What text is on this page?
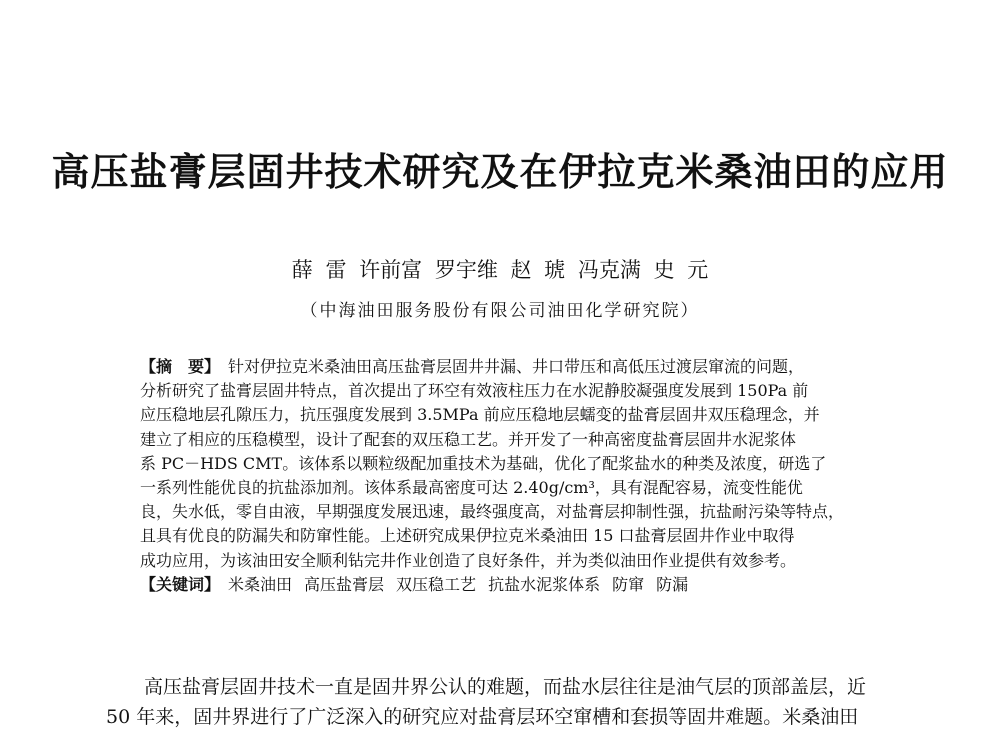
高压盐膏层固井技术研究及在伊拉克米桑油田的应用
薛 雷 许前富 罗宇维 赵 琥 冯克满 史 元
（中海油田服务股份有限公司油田化学研究院）
【摘　要】 针对伊拉克米桑油田高压盐膏层固井井漏、井口带压和高低压过渡层窜流的问题，
分析研究了盐膏层固井特点，首次提出了环空有效液柱压力在水泥静胶凝强度发展到 150Pa 前
应压稳地层孔隙压力，抗压强度发展到 3.5MPa 前应压稳地层蠕变的盐膏层固井双压稳理念，并
建立了相应的压稳模型，设计了配套的双压稳工艺。并开发了一种高密度盐膏层固井水泥浆体
系 PC－HDS CMT。该体系以颗粒级配加重技术为基础，优化了配浆盐水的种类及浓度，研选了
一系列性能优良的抗盐添加剂。该体系最高密度可达 2.40g/cm³，具有混配容易，流变性能优
良，失水低，零自由液，早期强度发展迅速，最终强度高，对盐膏层抑制性强，抗盐耐污染等特点，
且具有优良的防漏失和防窜性能。上述研究成果伊拉克米桑油田 15 口盐膏层固井作业中取得
成功应用，为该油田安全顺利钻完井作业创造了良好条件，并为类似油田作业提供有效参考。
【关键词】 米桑油田 高压盐膏层 双压稳工艺 抗盐水泥浆体系 防窜 防漏
高压盐膏层固井技术一直是固井界公认的难题，而盐水层往往是油气层的顶部盖层，近
50 年来，固井界进行了广泛深入的研究应对盐膏层环空窜槽和套损等固井难题。米桑油田
